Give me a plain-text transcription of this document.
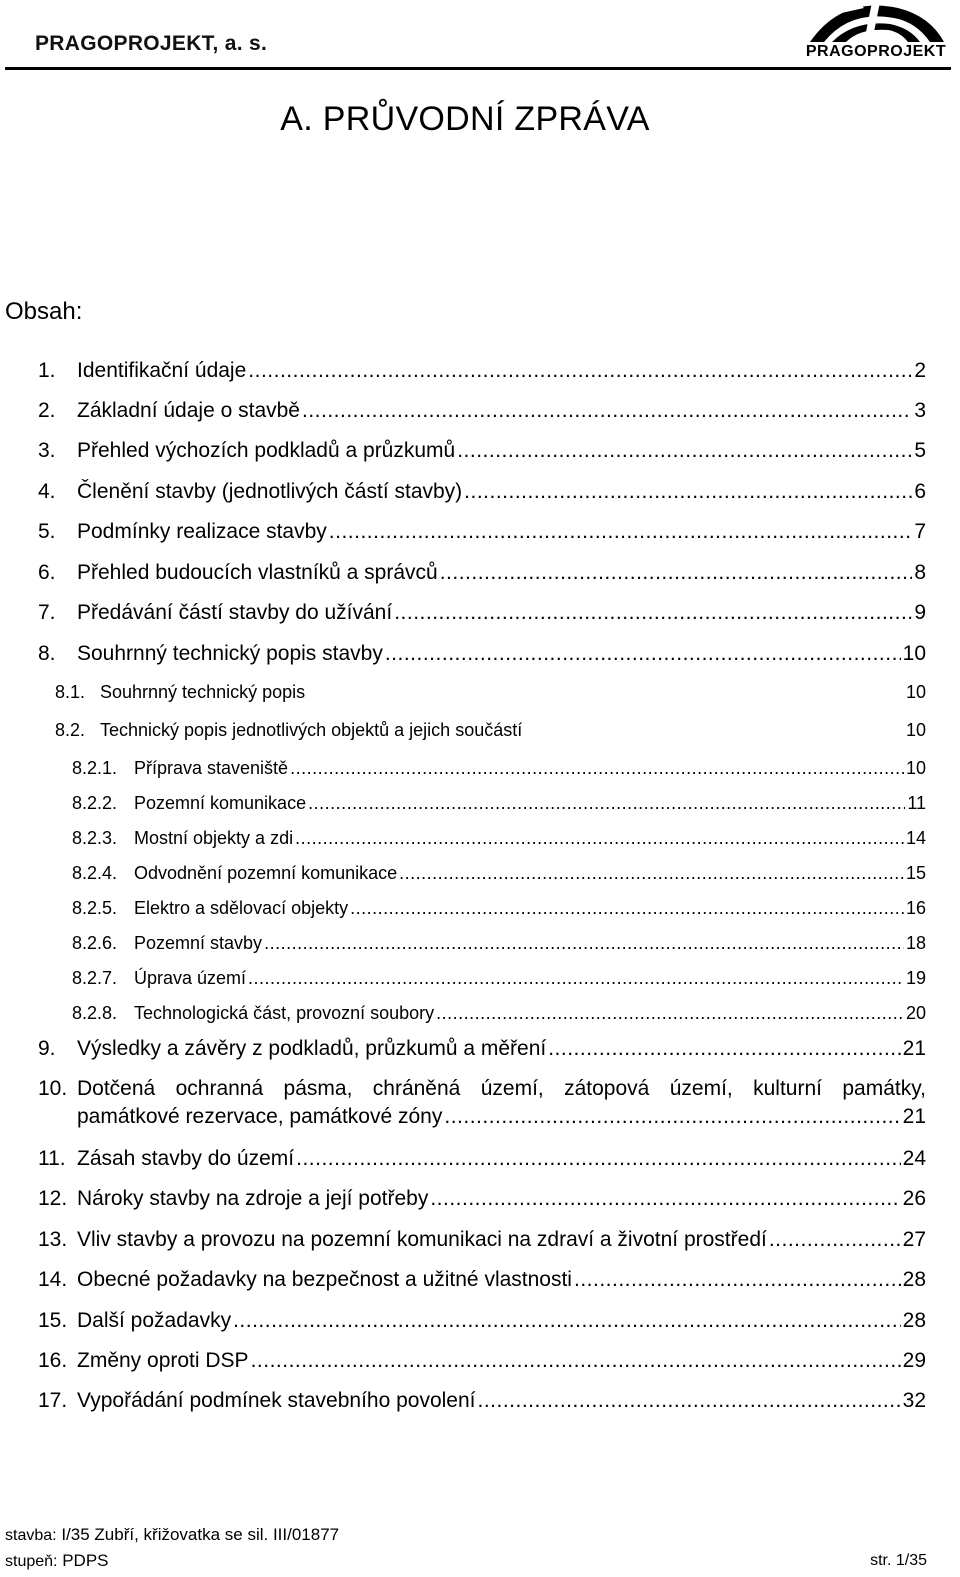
PRAGOPROJEKT, a. s.	PRAGOPROJEKT
A. PRŮVODNÍ ZPRÁVA
Obsah:
1.	Identifikační údaje .....	2
2.	Základní údaje o stavbě .....	3
3.	Přehled výchozích podkladů a průzkumů .....	5
4.	Členění stavby (jednotlivých částí stavby) .....	6
5.	Podmínky realizace stavby .....	7
6.	Přehled budoucích vlastníků a správců .....	8
7.	Předávání částí stavby do užívání .....	9
8.	Souhrnný technický popis stavby .....	10
8.1. Souhrnný technický popis	10
8.2. Technický popis jednotlivých objektů a jejich součástí	10
8.2.1. Příprava staveniště .....	10
8.2.2. Pozemní komunikace .....	11
8.2.3. Mostní objekty a zdi .....	14
8.2.4. Odvodnění pozemní komunikace .....	15
8.2.5. Elektro a sdělovací objekty .....	16
8.2.6. Pozemní stavby .....	18
8.2.7. Úprava území .....	19
8.2.8. Technologická část, provozní soubory .....	20
9.	Výsledky a závěry z podkladů, průzkumů a měření .....	21
10. Dotčená ochranná pásma, chráněná území, zátopová území, kulturní památky,
památkové rezervace, památkové zóny .....	21
11. Zásah stavby do území .....	24
12. Nároky stavby na zdroje a její potřeby .....	26
13. Vliv stavby a provozu na pozemní komunikaci na zdraví a životní prostředí .....	27
14. Obecné požadavky na bezpečnost a užitné vlastnosti .....	28
15. Další požadavky .....	28
16. Změny oproti DSP .....	29
17. Vypořádání podmínek stavebního povolení .....	32
stavba: I/35 Zubří, křižovatka se sil. III/01877
stupeň: PDPS	str. 1/35
